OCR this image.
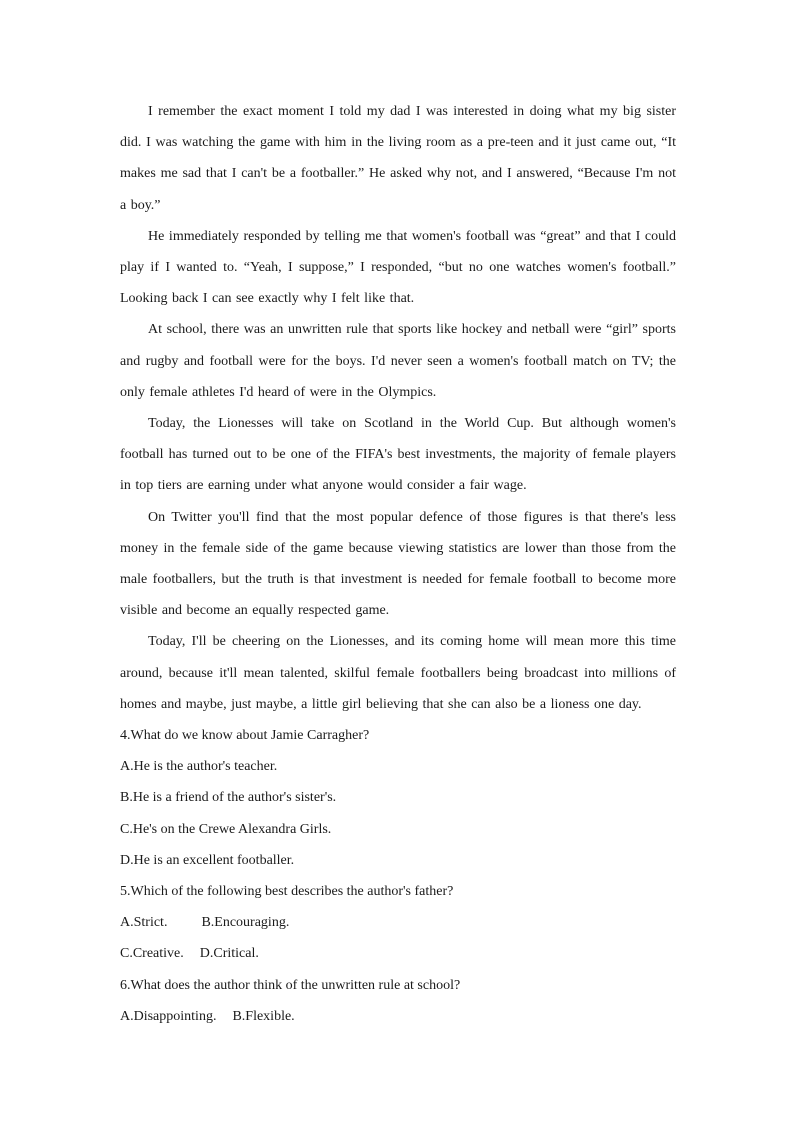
I remember the exact moment I told my dad I was interested in doing what my big sister did. I was watching the game with him in the living room as a pre-teen and it just came out, “It makes me sad that I can't be a footballer.” He asked why not, and I answered, “Because I'm not a boy.”

He immediately responded by telling me that women's football was “great” and that I could play if I wanted to. “Yeah, I suppose,” I responded, “but no one watches women's football.” Looking back I can see exactly why I felt like that.

At school, there was an unwritten rule that sports like hockey and netball were “girl” sports and rugby and football were for the boys. I'd never seen a women's football match on TV; the only female athletes I'd heard of were in the Olympics.

Today, the Lionesses will take on Scotland in the World Cup. But although women's football has turned out to be one of the FIFA's best investments, the majority of female players in top tiers are earning under what anyone would consider a fair wage.

On Twitter you'll find that the most popular defence of those figures is that there's less money in the female side of the game because viewing statistics are lower than those from the male footballers, but the truth is that investment is needed for female football to become more visible and become an equally respected game.

Today, I'll be cheering on the Lionesses, and its coming home will mean more this time around, because it'll mean talented, skilful female footballers being broadcast into millions of homes and maybe, just maybe, a little girl believing that she can also be a lioness one day.

4.What do we know about Jamie Carragher?

A.He is the author's teacher.

B.He is a friend of the author's sister's.

C.He's on the Crewe Alexandra Girls.

D.He is an excellent footballer.

5.Which of the following best describes the author's father?

A.Strict. B.Encouraging.

C.Creative. D.Critical.

6.What does the author think of the unwritten rule at school?

A.Disappointing. B.Flexible.
